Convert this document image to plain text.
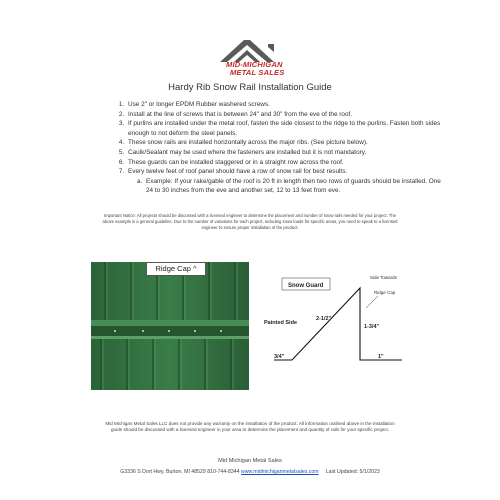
MID-MICHIGAN
METAL SALES
Hardy Rib Snow Rail Installation Guide
1. Use 2" or longer EPDM Rubber washered screws.
2. Install at the line of screws that is between 24" and 30" from the eve of the roof.
3. If purlins are installed under the metal roof, fasten the side closest to the ridge to the purlins. Fasten both sides enough to not deform the steel panels.
4. These snow rails are installed horizontally across the major ribs. (See picture below).
5. Caulk/Sealant may be used where the fasteners are installed but it is not mandatory.
6. These guards can be installed staggered or in a straight row across the roof.
7. Every twelve feet of roof panel should have a row of snow rail for best results.
a. Example: If your rake/gable of the roof is 20 ft in length then two rows of guards should be installed. One 24 to 30 inches from the eve and another set, 12 to 13 feet from eve.
Important Notice: All projects should be discussed with a licensed engineer to determine the placement and number of snow rails needed for your project. The above example is a general guideline. Due to the number of variations for each project, including snow loads for specific areas, you need to speak to a licensed engineer to ensure proper installation of the product.
Ridge Cap ^
Snow Guard
Side Towards
Ridge Cap
Painted Side
2-1/2"
1-3/4"
3/4"	1"
Mid Michigan Metal Sales LLC does not provide any warranty on the installation of the product. All information outlined above in the installation guide should be discussed with a licensed engineer in your area to determine the placement and quantity of rails for your specific project.
Mid Michigan Metal Sales
G3336 S Dort Hwy, Burton, MI 48529 810-744-8344 www.midmichiganmetalsales.com Last Updated: 5/1/2023
